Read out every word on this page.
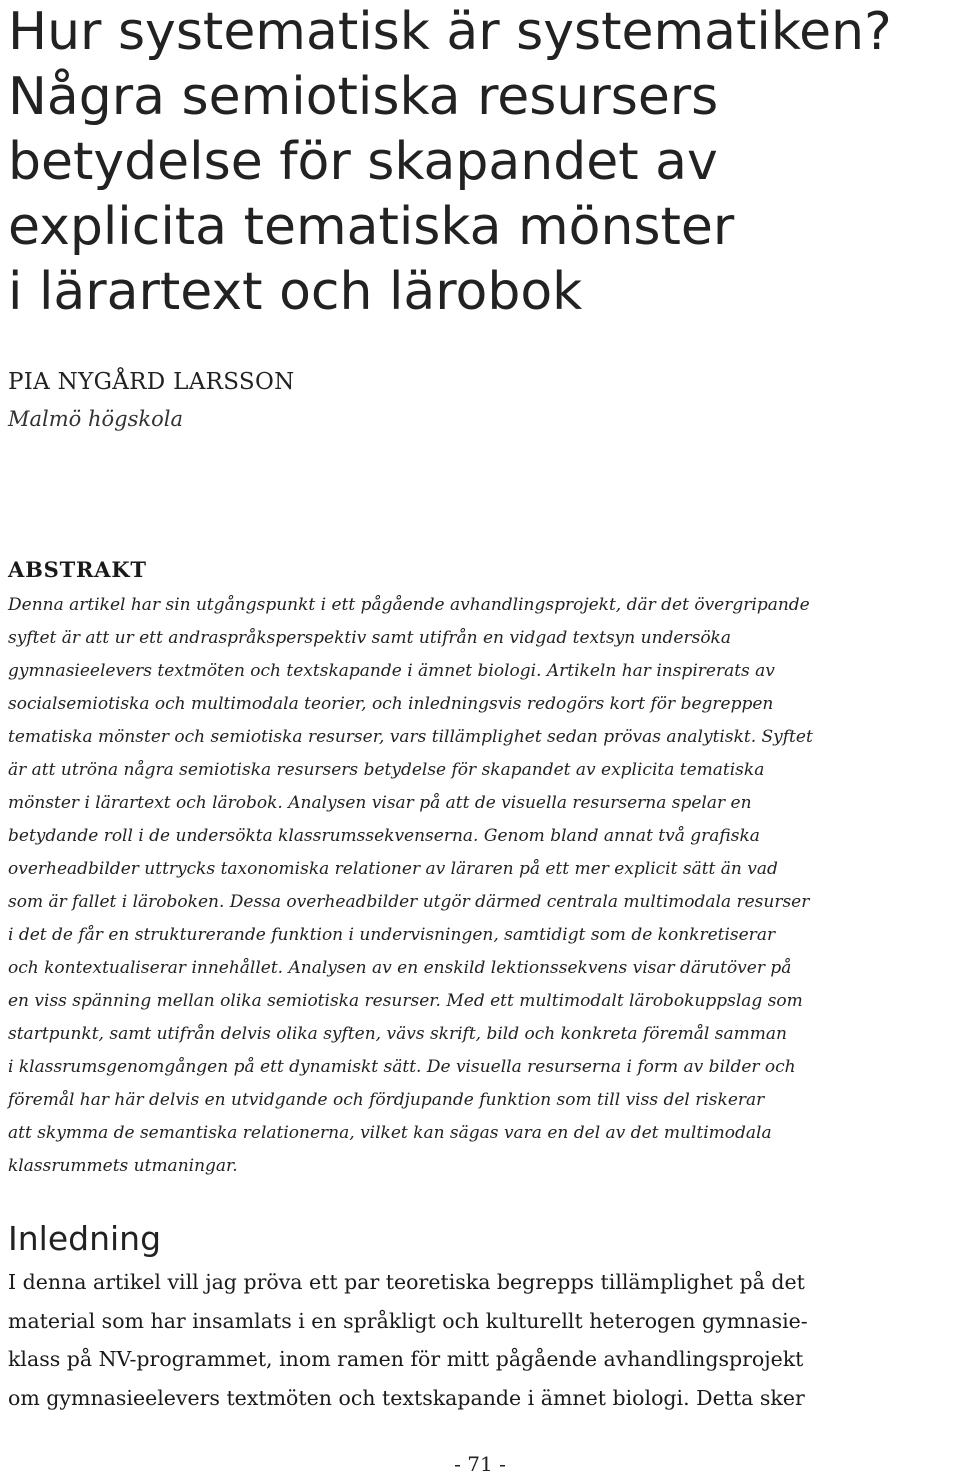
Hur systematisk är systematiken?
Några semiotiska resursers
betydelse för skapandet av
explicita tematiska mönster
i lärartext och lärobok

PIA NYGÅRD LARSSON

Malmö högskola

ABSTRAKT
Denna artikel har sin utgångspunkt i ett pågående avhandlingsprojekt, där det övergripande
syftet är att ur ett andraspråksperspektiv samt utifrån en vidgad textsyn undersöka
gymnasieelevers textmöten och textskapande i ämnet biologi. Artikeln har inspirerats av
socialsemiotiska och multimodala teorier, och inledningsvis redogörs kort för begreppen
tematiska mönster och semiotiska resurser, vars tillämplighet sedan prövas analytiskt. Syftet
är att utröna några semiotiska resursers betydelse för skapandet av explicita tematiska
mönster i lärartext och lärobok. Analysen visar på att de visuella resurserna spelar en
betydande roll i de undersökta klassrumssekvenserna. Genom bland annat två grafiska
overheadbilder uttrycks taxonomiska relationer av läraren på ett mer explicit sätt än vad
som är fallet i läroboken. Dessa overheadbilder utgör därmed centrala multimodala resurser
i det de får en strukturerande funktion i undervisningen, samtidigt som de konkretiserar
och kontextualiserar innehållet. Analysen av en enskild lektionssekvens visar därutöver på
en viss spänning mellan olika semiotiska resurser. Med ett multimodalt lärobokuppslag som
startpunkt, samt utifrån delvis olika syften, vävs skrift, bild och konkreta föremål samman
i klassrumsgenomgången på ett dynamiskt sätt. De visuella resurserna i form av bilder och
föremål har här delvis en utvidgande och fördjupande funktion som till viss del riskerar
att skymma de semantiska relationerna, vilket kan sägas vara en del av det multimodala
klassrummets utmaningar.
Inledning
I denna artikel vill jag pröva ett par teoretiska begrepps tillämplighet på det
material som har insamlats i en språkligt och kulturellt heterogen gymnasie-
klass på NV-programmet, inom ramen för mitt pågående avhandlingsprojekt
om gymnasieelevers textmöten och textskapande i ämnet biologi. Detta sker
- 71 -
